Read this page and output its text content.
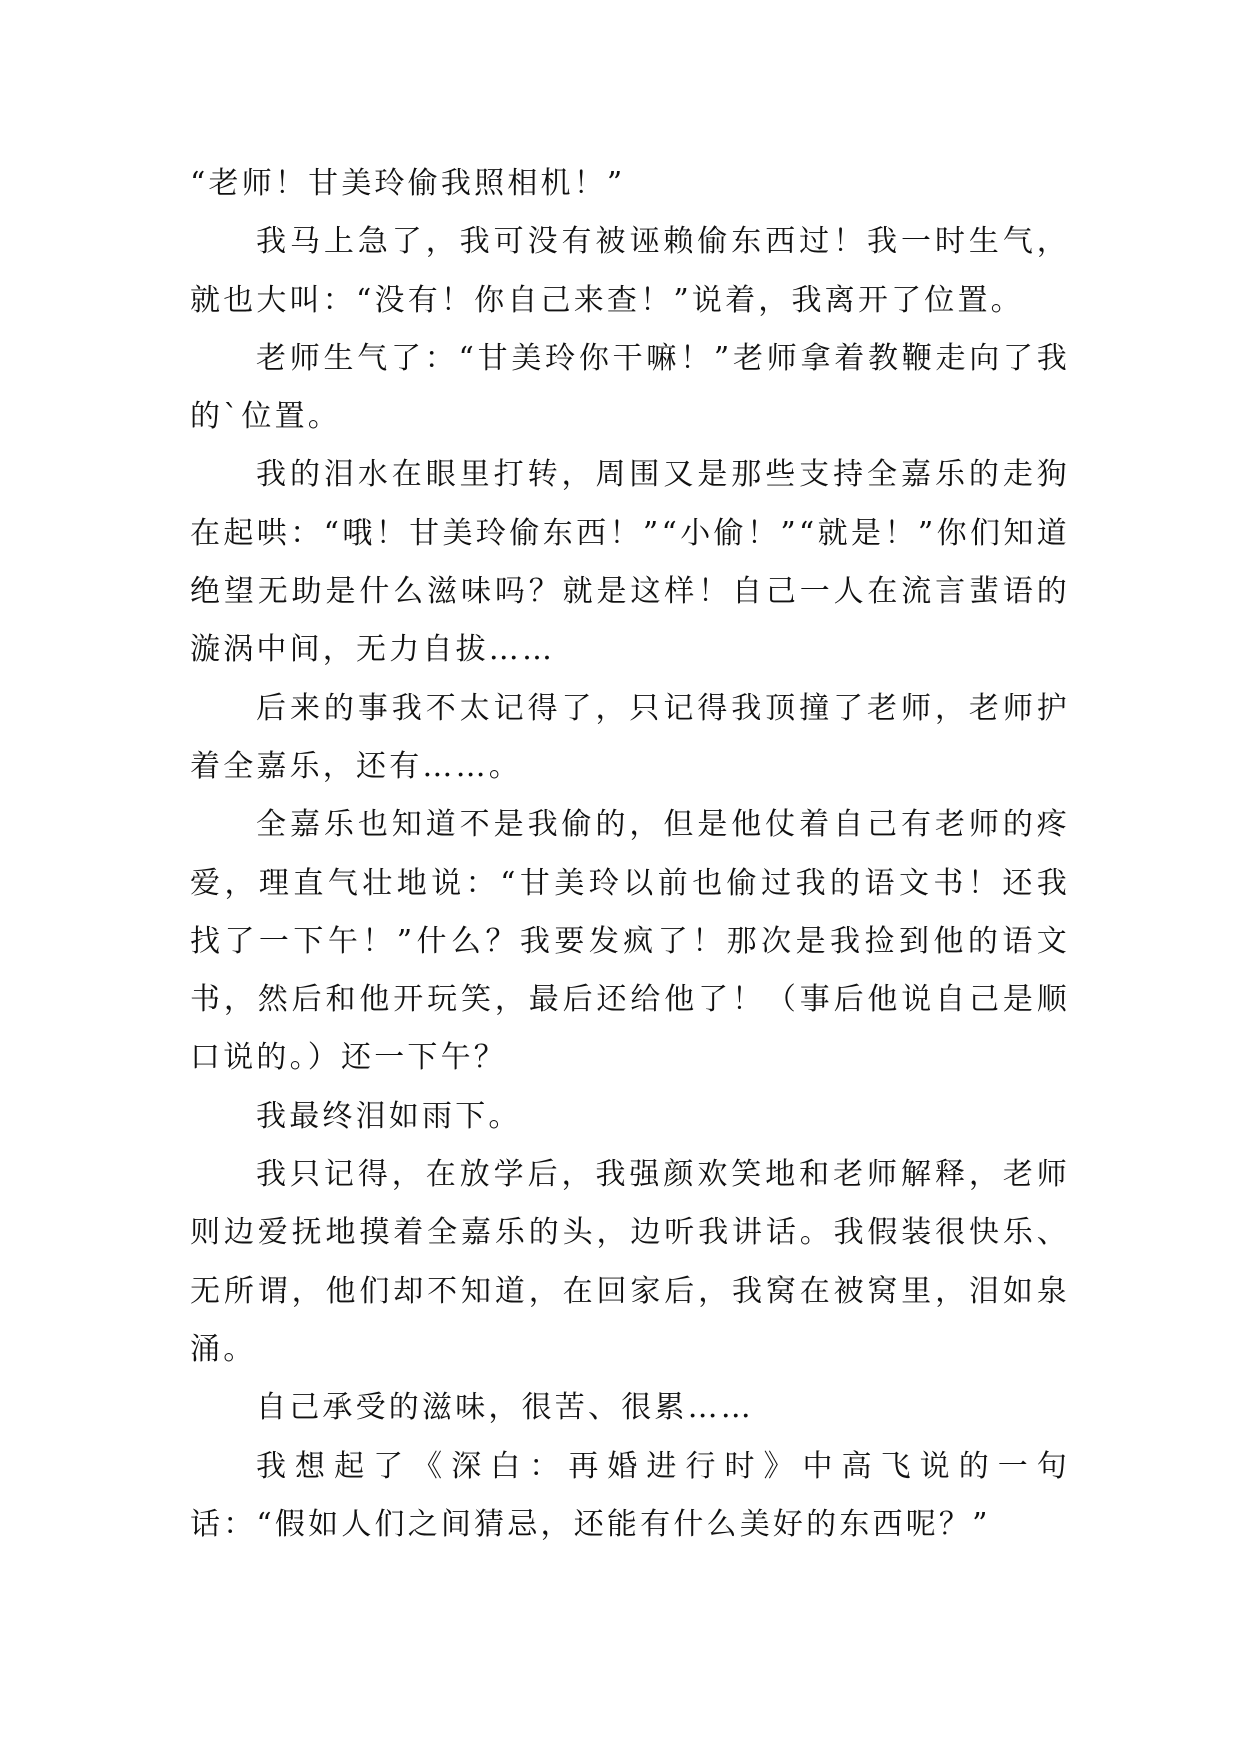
“老师！甘美玲偷我照相机！”

我马上急了，我可没有被诬赖偷东西过！我一时生气，就也大叫：“没有！你自己来查！”说着，我离开了位置。

老师生气了：“甘美玲你干嘛！”老师拿着教鞭走向了我的`位置。

我的泪水在眼里打转，周围又是那些支持全嘉乐的走狗在起哄：“哦！甘美玲偷东西！”“小偷！”“就是！”你们知道绝望无助是什么滋味吗？就是这样！自己一人在流言蜚语的漩涡中间，无力自拔……

后来的事我不太记得了，只记得我顶撞了老师，老师护着全嘉乐，还有……。

全嘉乐也知道不是我偷的，但是他仗着自己有老师的疼爱，理直气壮地说：“甘美玲以前也偷过我的语文书！还我找了一下午！”什么？我要发疯了！那次是我捡到他的语文书，然后和他开玩笑，最后还给他了！（事后他说自己是顺口说的。）还一下午？

我最终泪如雨下。

我只记得，在放学后，我强颜欢笑地和老师解释，老师则边爱抚地摸着全嘉乐的头，边听我讲话。我假装很快乐、无所谓，他们却不知道，在回家后，我窝在被窝里，泪如泉涌。

自己承受的滋味，很苦、很累……

我想起了《深白：再婚进行时》中高飞说的一句话：“假如人们之间猜忌，还能有什么美好的东西呢？”
